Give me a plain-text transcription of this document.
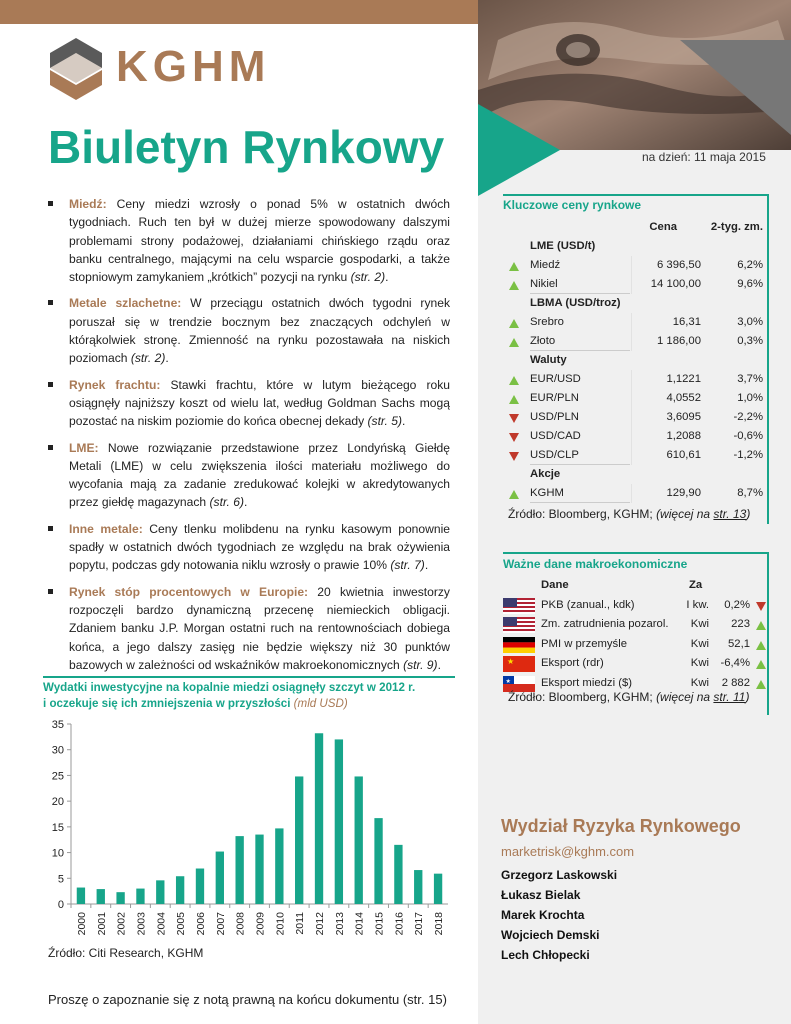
KGHM
Biuletyn Rynkowy	na dzień: 11 maja 2015
Miedź: Ceny miedzi wzrosły o ponad 5% w ostatnich dwóch tygodniach. Ruch ten był w dużej mierze spowodowany dalszymi problemami strony podażowej, działaniami chińskiego rządu oraz banku centralnego, mającymi na celu wsparcie gospodarki, a także stopniowym zamykaniem „krótkich” pozycji na rynku (str. 2).
Metale szlachetne: W przeciągu ostatnich dwóch tygodni rynek poruszał się w trendzie bocznym bez znaczących odchyleń w którąkolwiek stronę. Zmienność na rynku pozostawała na niskich poziomach (str. 2).
Rynek frachtu: Stawki frachtu, które w lutym bieżącego roku osiągnęły najniższy koszt od wielu lat, według Goldman Sachs mogą pozostać na niskim poziomie do końca obecnej dekady (str. 5).
LME: Nowe rozwiązanie przedstawione przez Londyńską Giełdę Metali (LME) w celu zwiększenia ilości materiału możliwego do wycofania mają za zadanie zredukować kolejki w akredytowanych przez giełdę magazynach (str. 6).
Inne metale: Ceny tlenku molibdenu na rynku kasowym ponownie spadły w ostatnich dwóch tygodniach ze względu na brak ożywienia popytu, podczas gdy notowania niklu wzrosły o prawie 10% (str. 7).
Rynek stóp procentowych w Europie: 20 kwietnia inwestorzy rozpoczęli bardzo dynamiczną przecenę niemieckich obligacji. Zdaniem banku J.P. Morgan ostatni ruch na rentownościach dobiega końca, a jego dalszy zasięg nie będzie większy niż 30 punktów bazowych w zależności od wskaźników makroekonomicznych (str. 9).
Wydatki inwestycyjne na kopalnie miedzi osiągnęły szczyt w 2012 r.
i oczekuje się ich zmniejszenia w przyszłości (mld USD)
0
5
10
15
20
25
30
35
2000 2001 2002 2003 2004 2005 2006 2007 2008 2009 2010 2011 2012 2013 2014 2015 2016 2017 2018
Źródło: Citi Research, KGHM
Proszę o zapoznanie się z notą prawną na końcu dokumentu (str. 15)
Kluczowe ceny rynkowe
Cena	2-tyg. zm.
LME (USD/t)
Miedź	6 396,50	6,2%
Nikiel	14 100,00	9,6%
LBMA (USD/troz)
Srebro	16,31	3,0%
Złoto	1 186,00	0,3%
Waluty
EUR/USD	1,1221	3,7%
EUR/PLN	4,0552	1,0%
USD/PLN	3,6095	-2,2%
USD/CAD	1,2088	-0,6%
USD/CLP	610,61	-1,2%
Akcje
KGHM	129,90	8,7%
Źródło: Bloomberg, KGHM; (więcej na str. 13)
Ważne dane makroekonomiczne
Dane	Za
PKB (zanual., kdk)	I kw. 0,2%
Zm. zatrudnienia pozarol.	Kwi 223
PMI w przemyśle	Kwi 52,1
★ Eksport (rdr)	Kwi -6,4%
★	Eksport miedzi ($)	Kwi 2 882
Źródło: Bloomberg, KGHM; (więcej na str. 11)
Wydział Ryzyka Rynkowego
marketrisk@kghm.com
Grzegorz Laskowski
Łukasz Bielak
Marek Krochta
Wojciech Demski
Lech Chłopecki
